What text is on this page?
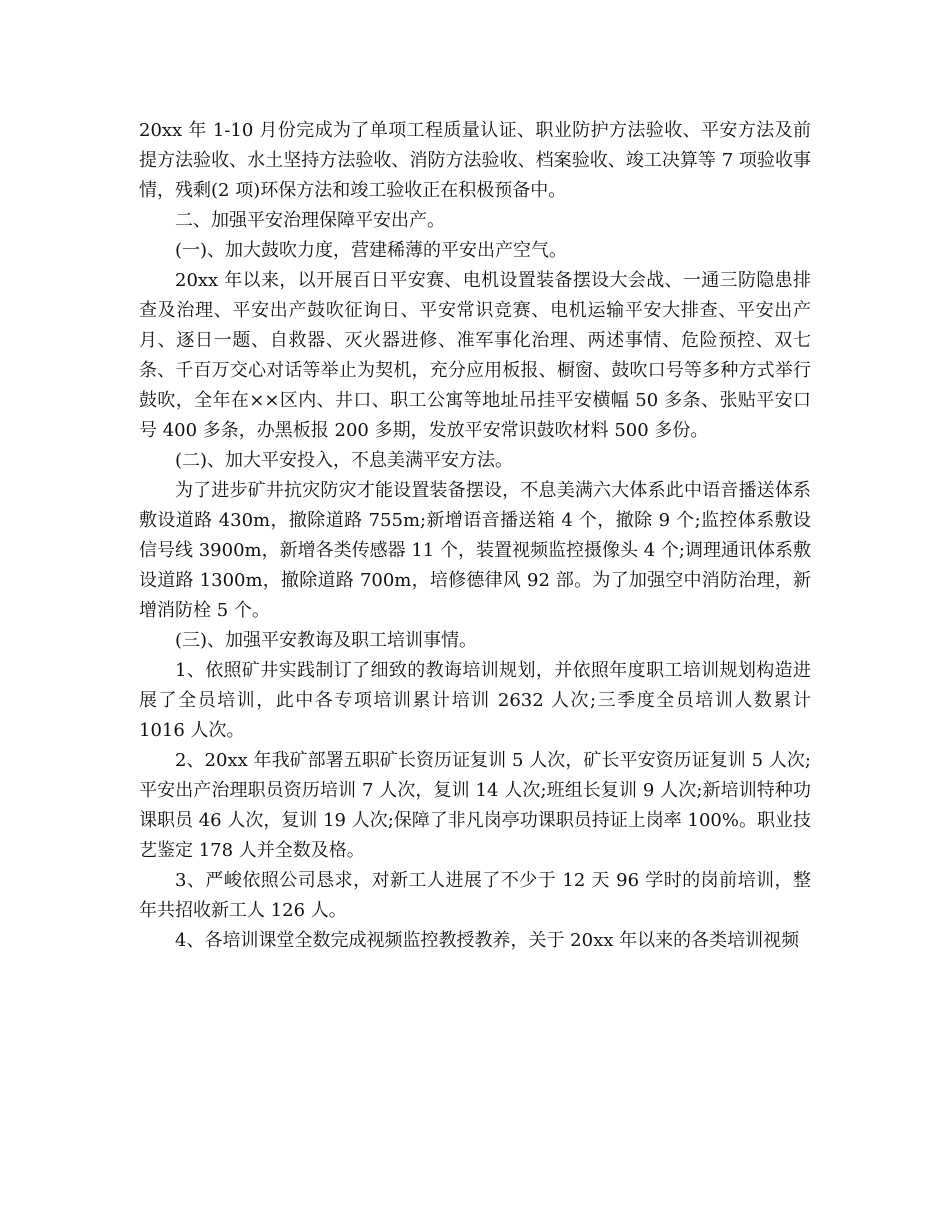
20xx 年 1-10 月份完成为了单项工程质量认证、职业防护方法验收、平安方法及前提方法验收、水土坚持方法验收、消防方法验收、档案验收、竣工决算等 7 项验收事情，残剩(2 项)环保方法和竣工验收正在积极预备中。

二、加强平安治理保障平安出产。

(一)、加大鼓吹力度，营建稀薄的平安出产空气。

20xx 年以来，以开展百日平安赛、电机设置装备摆设大会战、一通三防隐患排查及治理、平安出产鼓吹征询日、平安常识竞赛、电机运输平安大排查、平安出产月、逐日一题、自救器、灭火器进修、准军事化治理、两述事情、危险预控、双七条、千百万交心对话等举止为契机，充分应用板报、橱窗、鼓吹口号等多种方式举行鼓吹，全年在××区内、井口、职工公寓等地址吊挂平安横幅 50 多条、张贴平安口号 400 多条，办黑板报 200 多期，发放平安常识鼓吹材料 500 多份。

(二)、加大平安投入，不息美满平安方法。

为了进步矿井抗灾防灾才能设置装备摆设，不息美满六大体系此中语音播送体系敷设道路 430m，撤除道路 755m;新增语音播送箱 4 个，撤除 9 个;监控体系敷设信号线 3900m，新增各类传感器 11 个，装置视频监控摄像头 4 个;调理通讯体系敷设道路 1300m，撤除道路 700m，培修德律风 92 部。为了加强空中消防治理，新增消防栓 5 个。

(三)、加强平安教诲及职工培训事情。

1、依照矿井实践制订了细致的教诲培训规划，并依照年度职工培训规划构造进展了全员培训，此中各专项培训累计培训 2632 人次;三季度全员培训人数累计 1016 人次。

2、20xx 年我矿部署五职矿长资历证复训 5 人次，矿长平安资历证复训 5 人次;平安出产治理职员资历培训 7 人次，复训 14 人次;班组长复训 9 人次;新培训特种功课职员 46 人次，复训 19 人次;保障了非凡岗亭功课职员持证上岗率 100%。职业技艺鉴定 178 人并全数及格。

3、严峻依照公司恳求，对新工人进展了不少于 12 天 96 学时的岗前培训，整年共招收新工人 126 人。

4、各培训课堂全数完成视频监控教授教养，关于 20xx 年以来的各类培训视频
